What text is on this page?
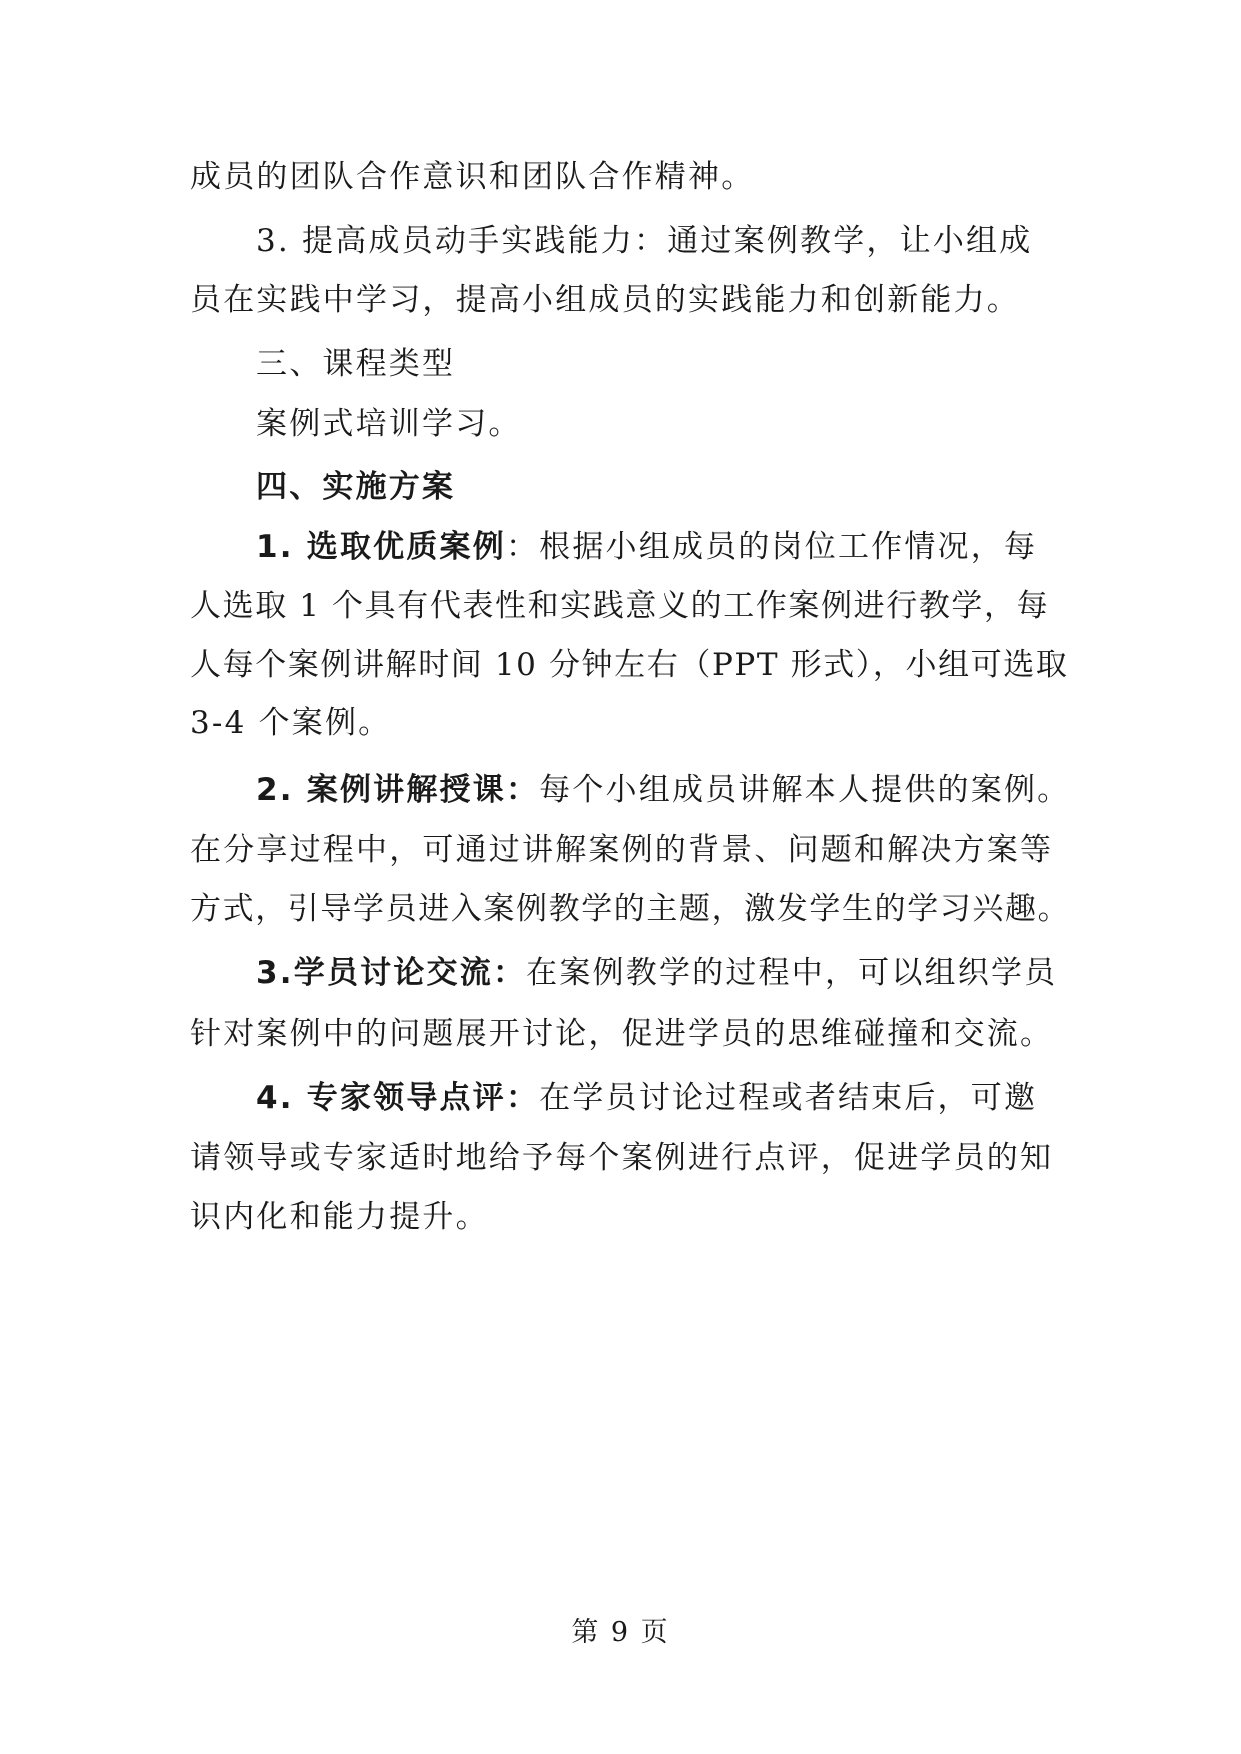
成员的团队合作意识和团队合作精神。
3. 提高成员动手实践能力：通过案例教学，让小组成
员在实践中学习，提高小组成员的实践能力和创新能力。
三、课程类型
案例式培训学习。
四、实施方案
1. 选取优质案例：根据小组成员的岗位工作情况，每
人选取 1 个具有代表性和实践意义的工作案例进行教学，每
人每个案例讲解时间 10 分钟左右（PPT 形式），小组可选取
3-4 个案例。
2. 案例讲解授课：每个小组成员讲解本人提供的案例。
在分享过程中，可通过讲解案例的背景、问题和解决方案等
方式，引导学员进入案例教学的主题，激发学生的学习兴趣。
3.学员讨论交流：在案例教学的过程中，可以组织学员
针对案例中的问题展开讨论，促进学员的思维碰撞和交流。
4. 专家领导点评：在学员讨论过程或者结束后，可邀
请领导或专家适时地给予每个案例进行点评，促进学员的知
识内化和能力提升。
第 9 页
